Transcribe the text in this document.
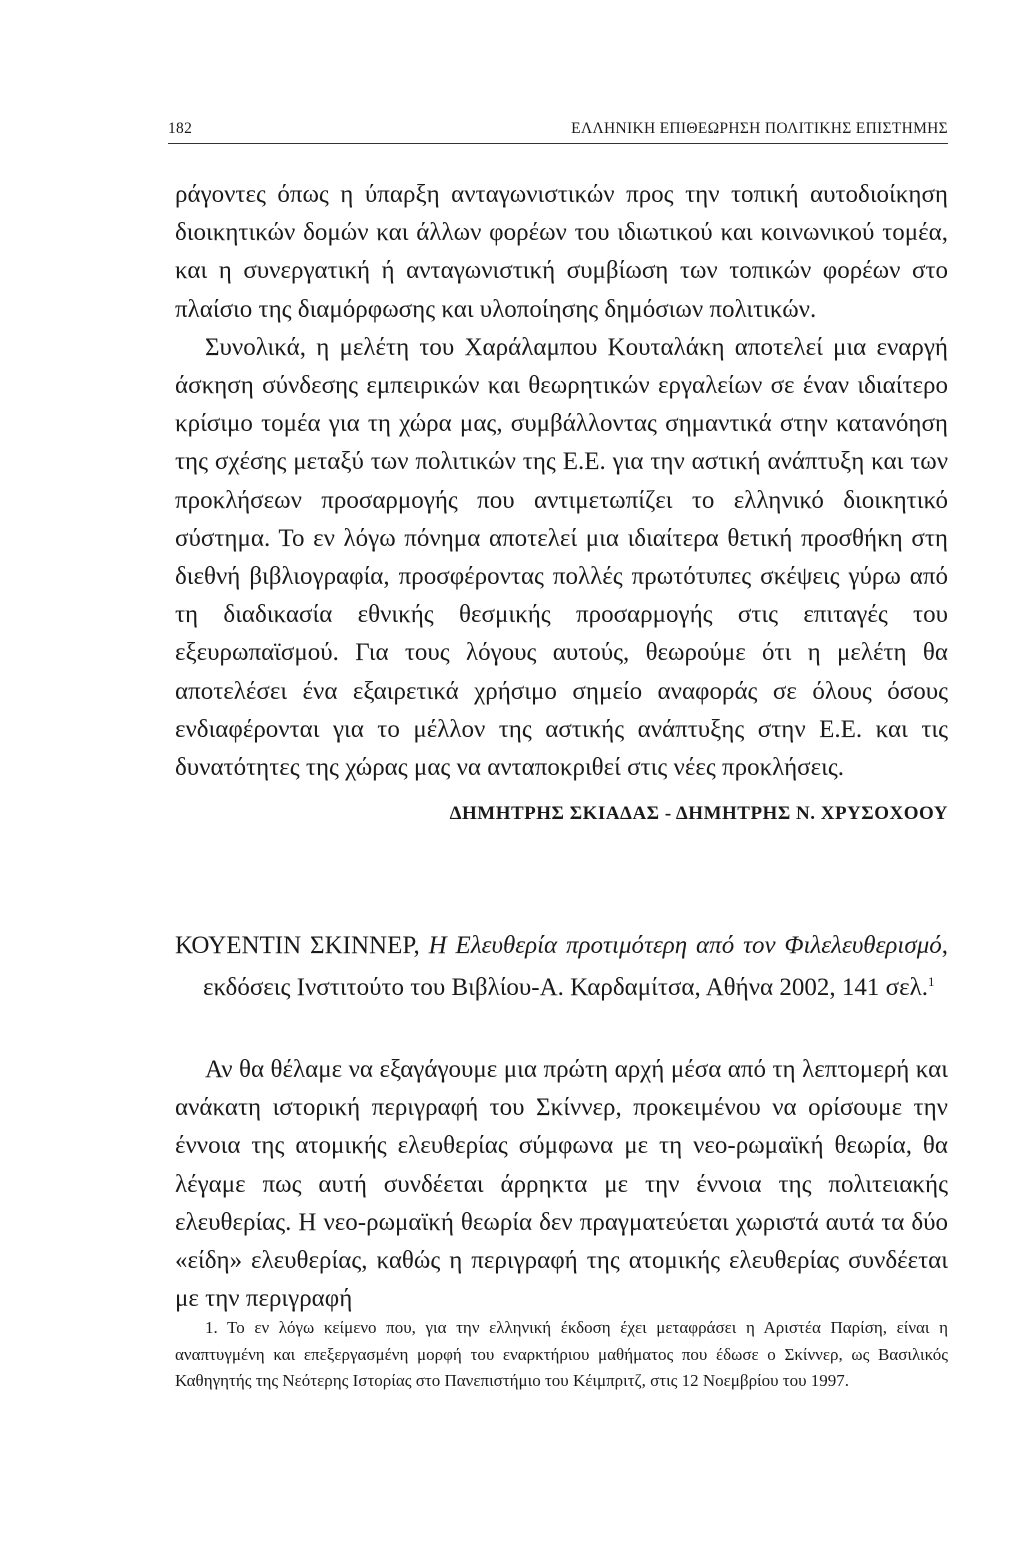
182	ΕΛΛΗΝΙΚΗ ΕΠΙΘΕΩΡΗΣΗ ΠΟΛΙΤΙΚΗΣ ΕΠΙΣΤΗΜΗΣ

ράγοντες όπως η ύπαρξη ανταγωνιστικών προς την τοπική αυτοδιοίκηση διοικητικών δομών και άλλων φορέων του ιδιωτικού και κοινωνικού τομέα, και η συνεργατική ή ανταγωνιστική συμβίωση των τοπικών φορέων στο πλαίσιο της διαμόρφωσης και υλοποίησης δημόσιων πολιτικών.

Συνολικά, η μελέτη του Χαράλαμπου Κουταλάκη αποτελεί μια εναργή άσκηση σύνδεσης εμπειρικών και θεωρητικών εργαλείων σε έναν ιδιαίτερο κρίσιμο τομέα για τη χώρα μας, συμβάλλοντας σημαντικά στην κατανόηση της σχέσης μεταξύ των πολιτικών της Ε.Ε. για την αστική ανάπτυξη και των προκλήσεων προσαρμογής που αντιμετωπίζει το ελληνικό διοικητικό σύστημα. Το εν λόγω πόνημα αποτελεί μια ιδιαίτερα θετική προσθήκη στη διεθνή βιβλιογραφία, προσφέροντας πολλές πρωτότυπες σκέψεις γύρω από τη διαδικασία εθνικής θεσμικής προσαρμογής στις επιταγές του εξευρωπαϊσμού. Για τους λόγους αυτούς, θεωρούμε ότι η μελέτη θα αποτελέσει ένα εξαιρετικά χρήσιμο σημείο αναφοράς σε όλους όσους ενδιαφέρονται για το μέλλον της αστικής ανάπτυξης στην Ε.Ε. και τις δυνατότητες της χώρας μας να ανταποκριθεί στις νέες προκλήσεις.

ΔΗΜΗΤΡΗΣ ΣΚΙΑΔΑΣ - ΔΗΜΗΤΡΗΣ Ν. ΧΡΥΣΟΧΟΟΥ
ΚΟΥΕΝΤΙΝ ΣΚΙΝΝΕΡ, Η Ελευθερία προτιμότερη από τον Φιλελευθερισμό, εκδόσεις Ινστιτούτο του Βιβλίου-Α. Καρδαμίτσα, Αθήνα 2002, 141 σελ.$^1$

Αν θα θέλαμε να εξαγάγουμε μια πρώτη αρχή μέσα από τη λεπτομερή και ανάκατη ιστορική περιγραφή του Σκίννερ, προκειμένου να ορίσουμε την έννοια της ατομικής ελευθερίας σύμφωνα με τη νεο-ρωμαϊκή θεωρία, θα λέγαμε πως αυτή συνδέεται άρρηκτα με την έννοια της πολιτειακής ελευθερίας. Η νεο-ρωμαϊκή θεωρία δεν πραγματεύεται χωριστά αυτά τα δύο «είδη» ελευθερίας, καθώς η περιγραφή της ατομικής ελευθερίας συνδέεται με την περιγραφή

1. Το εν λόγω κείμενο που, για την ελληνική έκδοση έχει μεταφράσει η Αριστέα Παρίση, είναι η αναπτυγμένη και επεξεργασμένη μορφή του εναρκτήριου μαθήματος που έδωσε ο Σκίννερ, ως Βασιλικός Καθηγητής της Νεότερης Ιστορίας στο Πανεπιστήμιο του Κέιμπριτζ, στις 12 Νοεμβρίου του 1997.
